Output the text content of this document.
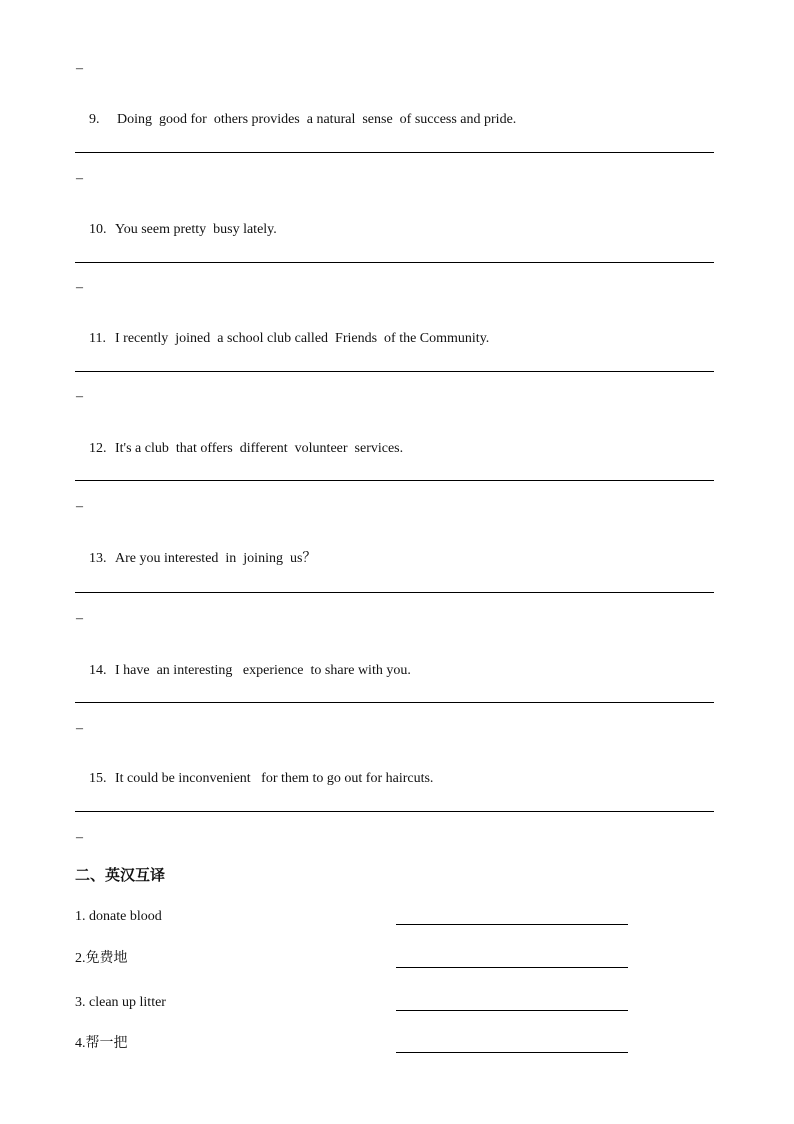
–

9. Doing  good for  others provides  a natural  sense  of success and pride.

–

10. You seem pretty  busy lately.

–

11. I recently  joined  a school club called  Friends  of the Community.

–

12. It's a club  that offers  different  volunteer  services.

–

13. Are you interested  in  joining  us？

–

14. I have  an interesting   experience  to share with you.

–

15. It could be inconvenient   for them to go out for haircuts.

–
二、英汉互译
1. donate blood
2.免费地
3. clean up litter
4.帮一把
